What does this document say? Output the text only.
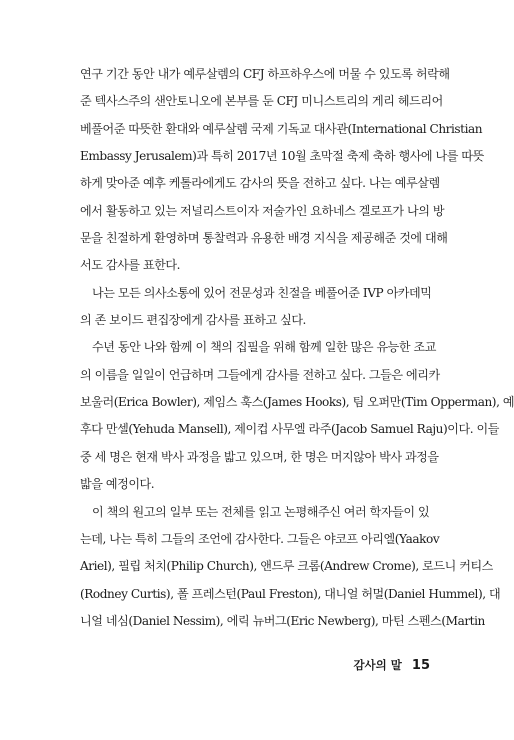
연구 기간 동안 내가 예루살렘의 CFJ 하프하우스에 머물 수 있도록 허락해
준 텍사스주의 샌안토니오에 본부를 둔 CFJ 미니스트리의 게리 헤드리어
베풀어준 따뜻한 환대와 예루살렘 국제 기독교 대사관(International Christian
Embassy Jerusalem)과 특히 2017년 10월 초막절 축제 축하 행사에 나를 따뜻
하게 맞아준 예후 케톨라에게도 감사의 뜻을 전하고 싶다. 나는 예루살렘
에서 활동하고 있는 저널리스트이자 저술가인 요하네스 겔로프가 나의 방
문을 친절하게 환영하며 통찰력과 유용한 배경 지식을 제공해준 것에 대해
서도 감사를 표한다.
나는 모든 의사소통에 있어 전문성과 친절을 베풀어준 IVP 아카데믹
의 존 보이드 편집장에게 감사를 표하고 싶다.
수년 동안 나와 함께 이 책의 집필을 위해 함께 일한 많은 유능한 조교
의 이름을 일일이 언급하며 그들에게 감사를 전하고 싶다. 그들은 에리카
보울러(Erica Bowler), 제임스 훅스(James Hooks), 팀 오퍼만(Tim Opperman), 예
후다 만셀(Yehuda Mansell), 제이컵 사무엘 라주(Jacob Samuel Raju)이다. 이들
중 세 명은 현재 박사 과정을 밟고 있으며, 한 명은 머지않아 박사 과정을
밟을 예정이다.
이 책의 원고의 일부 또는 전체를 읽고 논평해주신 여러 학자들이 있
는데, 나는 특히 그들의 조언에 감사한다. 그들은 야코프 아리엘(Yaakov
Ariel), 필립 처치(Philip Church), 앤드루 크롬(Andrew Crome), 로드니 커티스
(Rodney Curtis), 폴 프레스턴(Paul Freston), 대니얼 허멀(Daniel Hummel), 대
니얼 네심(Daniel Nessim), 에릭 뉴버그(Eric Newberg), 마틴 스펜스(Martin
감사의 말 15
